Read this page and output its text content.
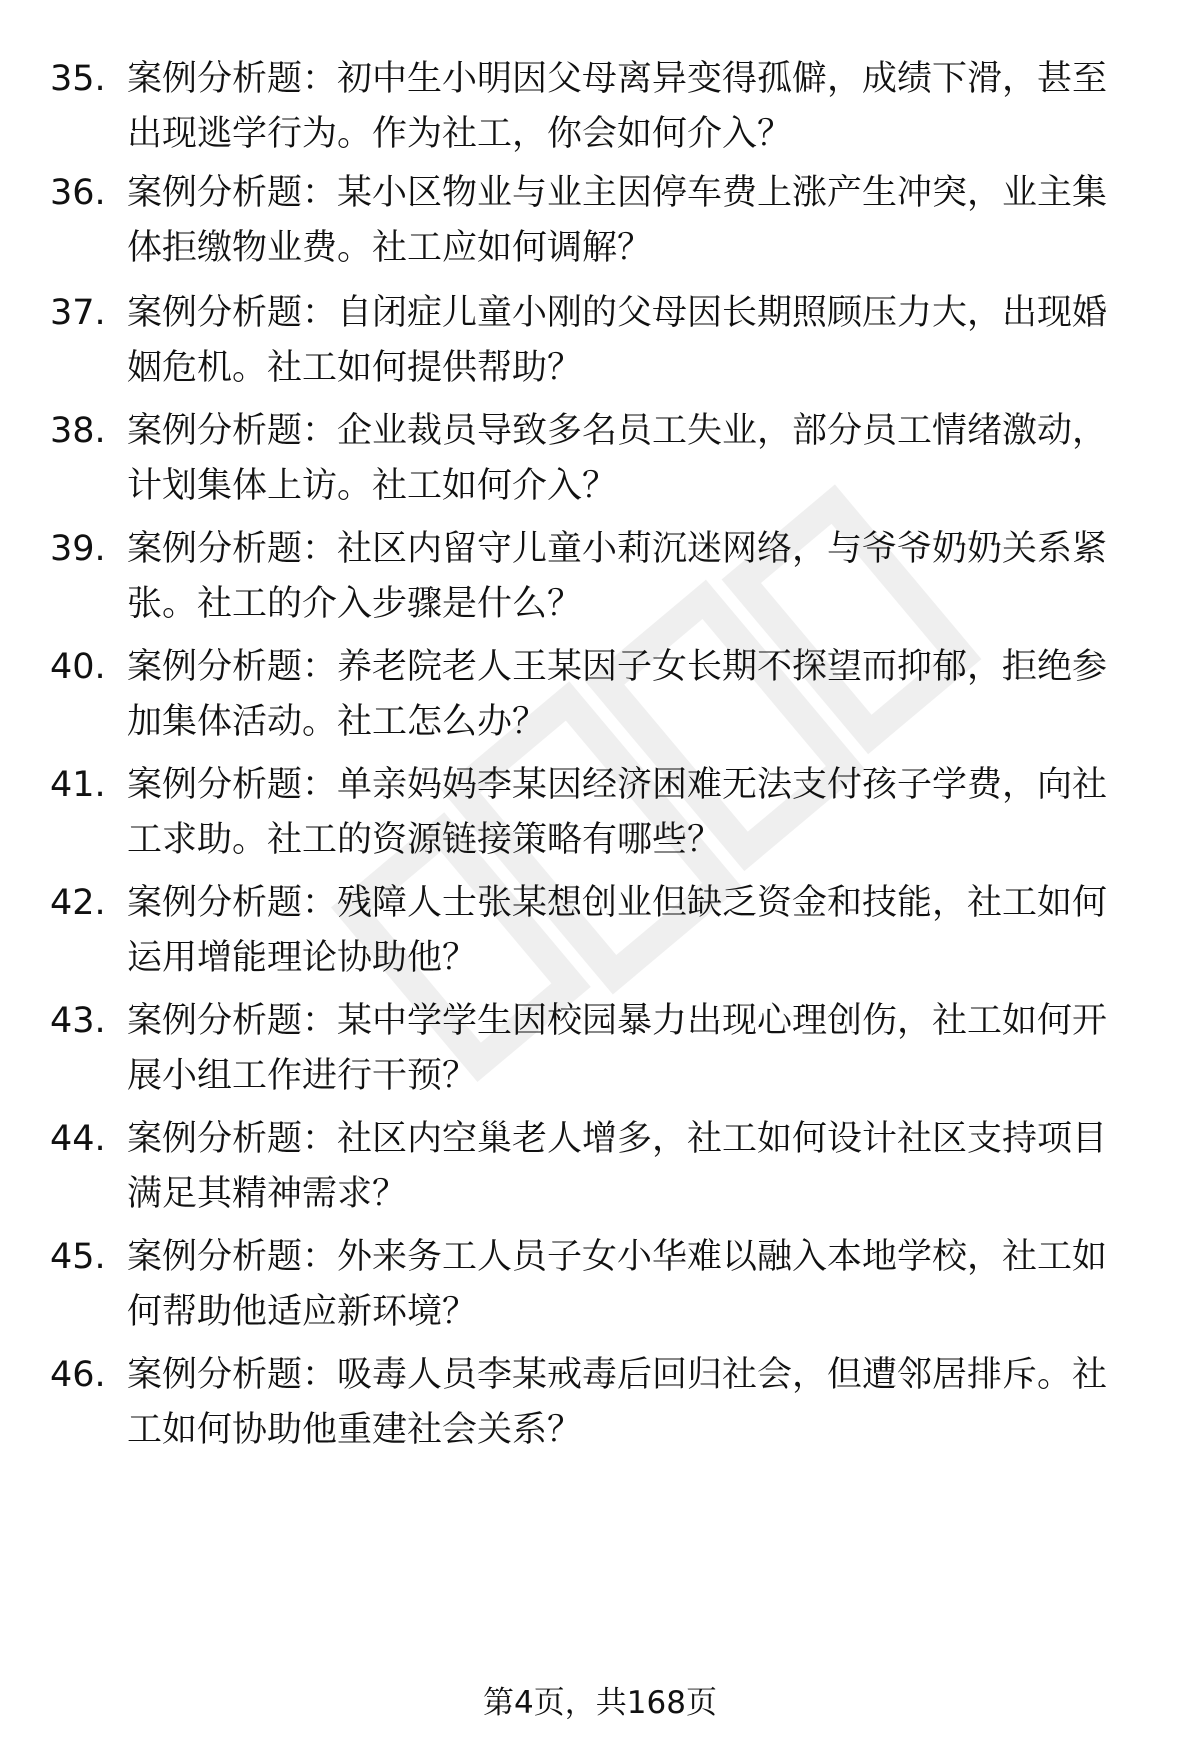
35. 案例分析题：初中生小明因父母离异变得孤僻，成绩下滑，甚至
出现逃学行为。作为社工，你会如何介入？
36. 案例分析题：某小区物业与业主因停车费上涨产生冲突，业主集
体拒缴物业费。社工应如何调解？
37. 案例分析题：自闭症儿童小刚的父母因长期照顾压力大，出现婚
姻危机。社工如何提供帮助？
38. 案例分析题：企业裁员导致多名员工失业，部分员工情绪激动，
计划集体上访。社工如何介入？
39. 案例分析题：社区内留守儿童小莉沉迷网络，与爷爷奶奶关系紧
张。社工的介入步骤是什么？
40. 案例分析题：养老院老人王某因子女长期不探望而抑郁，拒绝参
加集体活动。社工怎么办？
41. 案例分析题：单亲妈妈李某因经济困难无法支付孩子学费，向社
工求助。社工的资源链接策略有哪些？
42. 案例分析题：残障人士张某想创业但缺乏资金和技能，社工如何
运用增能理论协助他？
43. 案例分析题：某中学学生因校园暴力出现心理创伤，社工如何开
展小组工作进行干预？
44. 案例分析题：社区内空巢老人增多，社工如何设计社区支持项目
满足其精神需求？
45. 案例分析题：外来务工人员子女小华难以融入本地学校，社工如
何帮助他适应新环境？
46. 案例分析题：吸毒人员李某戒毒后回归社会，但遭邻居排斥。社
工如何协助他重建社会关系？
第4页，共168页
